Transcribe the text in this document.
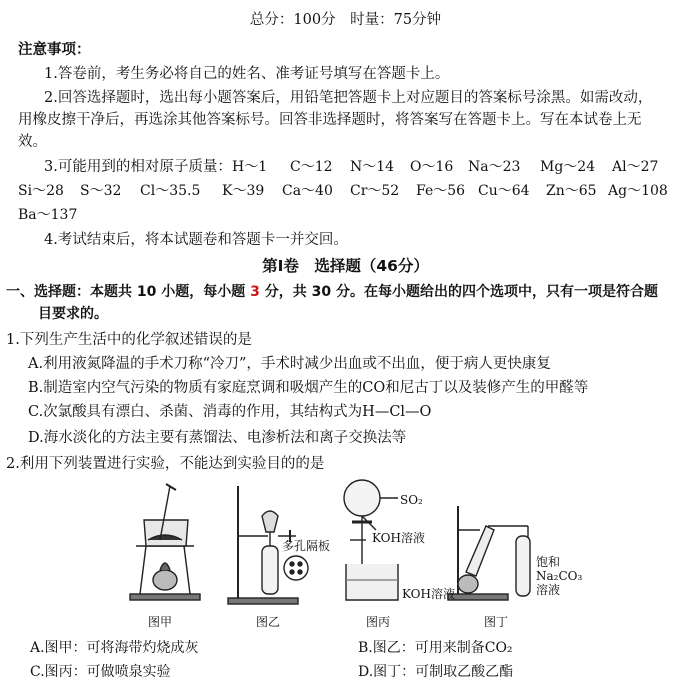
总分：100分　时量：75分钟
注意事项：
1.答卷前，考生务必将自己的姓名、准考证号填写在答题卡上。
2.回答选择题时，选出每小题答案后，用铅笔把答题卡上对应题目的答案标号涂黑。如需改动，
用橡皮擦干净后，再选涂其他答案标号。回答非选择题时，将答案写在答题卡上。写在本试卷上无
效。
3.可能用到的相对原子质量： H～1 C～12 N～14 O～16 Na～23 Mg～24 Al～27
Si～28 S～32 Cl～35.5 K～39 Ca～40 Cr～52 Fe～56 Cu～64 Zn～65 Ag～108
Ba～137
4.考试结束后，将本试题卷和答题卡一并交回。
第Ⅰ卷　选择题（46分）
一、选择题：本题共 10 小题，每小题 3 分，共 30 分。在每小题给出的四个选项中，只有一项是符合题
目要求的。
1.下列生产生活中的化学叙述错误的是
A.利用液氮降温的手术刀称“冷刀”，手术时减少出血或不出血，便于病人更快康复
B.制造室内空气污染的物质有家庭烹调和吸烟产生的CO和尼古丁以及装修产生的甲醛等
C.次氯酸具有漂白、杀菌、消毒的作用，其结构式为H—Cl—O
D.海水淡化的方法主要有蒸馏法、电渗析法和离子交换法等
2.利用下列装置进行实验，不能达到实验目的的是
多孔隔板
SO₂
KOH溶液
KOH溶液
饱和
Na₂CO₃
溶液
图甲	图乙	图丙	图丁
A.图甲：可将海带灼烧成灰	B.图乙：可用来制备CO₂
C.图丙：可做喷泉实验	D.图丁：可制取乙酸乙酯
